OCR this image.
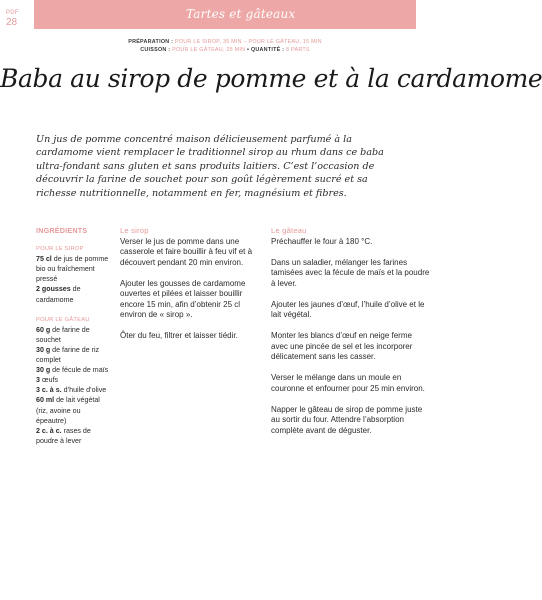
Tartes et gâteaux
PDF
28
PRÉPARATION : POUR LE SIROP, 35 MIN – POUR LE GÂTEAU, 15 MIN
CUISSON : POUR LE GÂTEAU, 25 MIN • QUANTITÉ : 8 PARTS
Baba au sirop de pomme et à la cardamome
Un jus de pomme concentré maison délicieusement parfumé à la cardamome vient remplacer le traditionnel sirop au rhum dans ce baba ultra-fondant sans gluten et sans produits laitiers. C’est l’occasion de découvrir la farine de souchet pour son goût légèrement sucré et sa richesse nutritionnelle, notamment en fer, magnésium et fibres.
INGRÉDIENTS
POUR LE SIROP
75 cl de jus de pomme bio ou fraîchement pressé
2 gousses de cardamome
POUR LE GÂTEAU
60 g de farine de souchet
30 g de farine de riz complet
30 g de fécule de maïs
3 œufs
3 c. à s. d’huile d’olive
60 ml de lait végétal (riz, avoine ou épeautre)
2 c. à c. rases de poudre à lever
Le sirop

Verser le jus de pomme dans une casserole et faire bouillir à feu vif et à découvert pendant 20 min environ.

Ajouter les gousses de cardamome ouvertes et pilées et laisser bouillir encore 15 min, afin d’obtenir 25 cl environ de « sirop ».

Ôter du feu, filtrer et laisser tiédir.

Le gâteau

Préchauffer le four à 180 °C.

Dans un saladier, mélanger les farines tamisées avec la fécule de maïs et la poudre à lever.

Ajouter les jaunes d’œuf, l’huile d’olive et le lait végétal.

Monter les blancs d’œuf en neige ferme avec une pincée de sel et les incorporer délicatement sans les casser.

Verser le mélange dans un moule en couronne et enfourner pour 25 min environ.

Napper le gâteau de sirop de pomme juste au sortir du four. Attendre l’absorption complète avant de déguster.
